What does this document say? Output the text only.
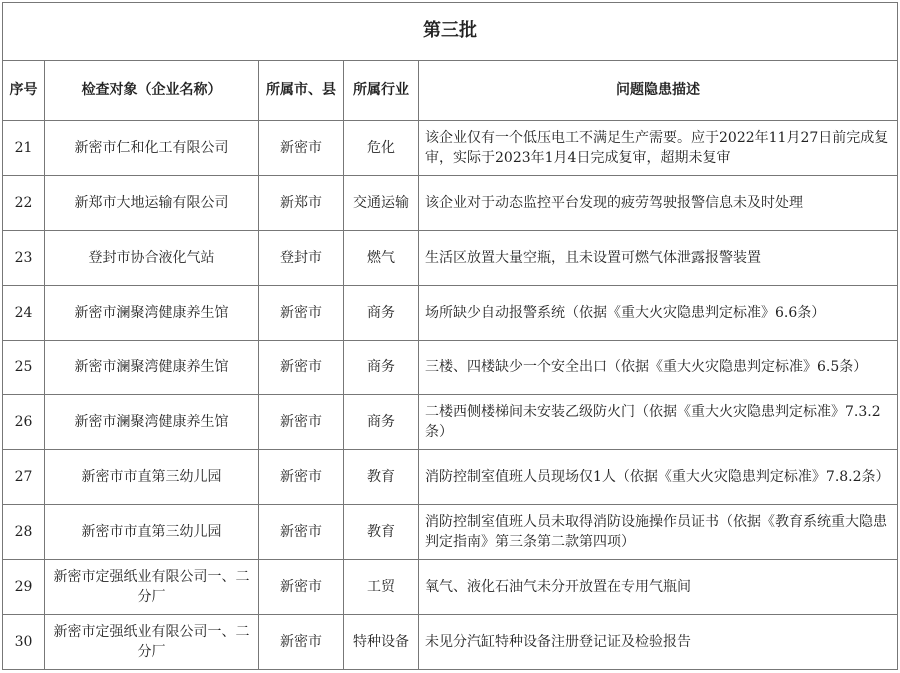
第三批				
序号	检查对象（企业名称）	所属市、县	所属行业	问题隐患描述
21	新密市仁和化工有限公司	新密市	危化	该企业仅有一个低压电工不满足生产需要。应于2022年11月27日前完成复审，实际于2023年1月4日完成复审，超期未复审
22	新郑市大地运输有限公司	新郑市	交通运输	该企业对于动态监控平台发现的疲劳驾驶报警信息未及时处理
23	登封市协合液化气站	登封市	燃气	生活区放置大量空瓶，且未设置可燃气体泄露报警装置
24	新密市澜聚湾健康养生馆	新密市	商务	场所缺少自动报警系统（依据《重大火灾隐患判定标准》6.6条）
25	新密市澜聚湾健康养生馆	新密市	商务	三楼、四楼缺少一个安全出口（依据《重大火灾隐患判定标准》6.5条）
26	新密市澜聚湾健康养生馆	新密市	商务	二楼西侧楼梯间未安装乙级防火门（依据《重大火灾隐患判定标准》7.3.2条）
27	新密市市直第三幼儿园	新密市	教育	消防控制室值班人员现场仅1人（依据《重大火灾隐患判定标准》7.8.2条）
28	新密市市直第三幼儿园	新密市	教育	消防控制室值班人员未取得消防设施操作员证书（依据《教育系统重大隐患判定指南》第三条第二款第四项）
29	新密市定强纸业有限公司一、二分厂	新密市	工贸	氧气、液化石油气未分开放置在专用气瓶间
30	新密市定强纸业有限公司一、二分厂	新密市	特种设备	未见分汽缸特种设备注册登记证及检验报告
